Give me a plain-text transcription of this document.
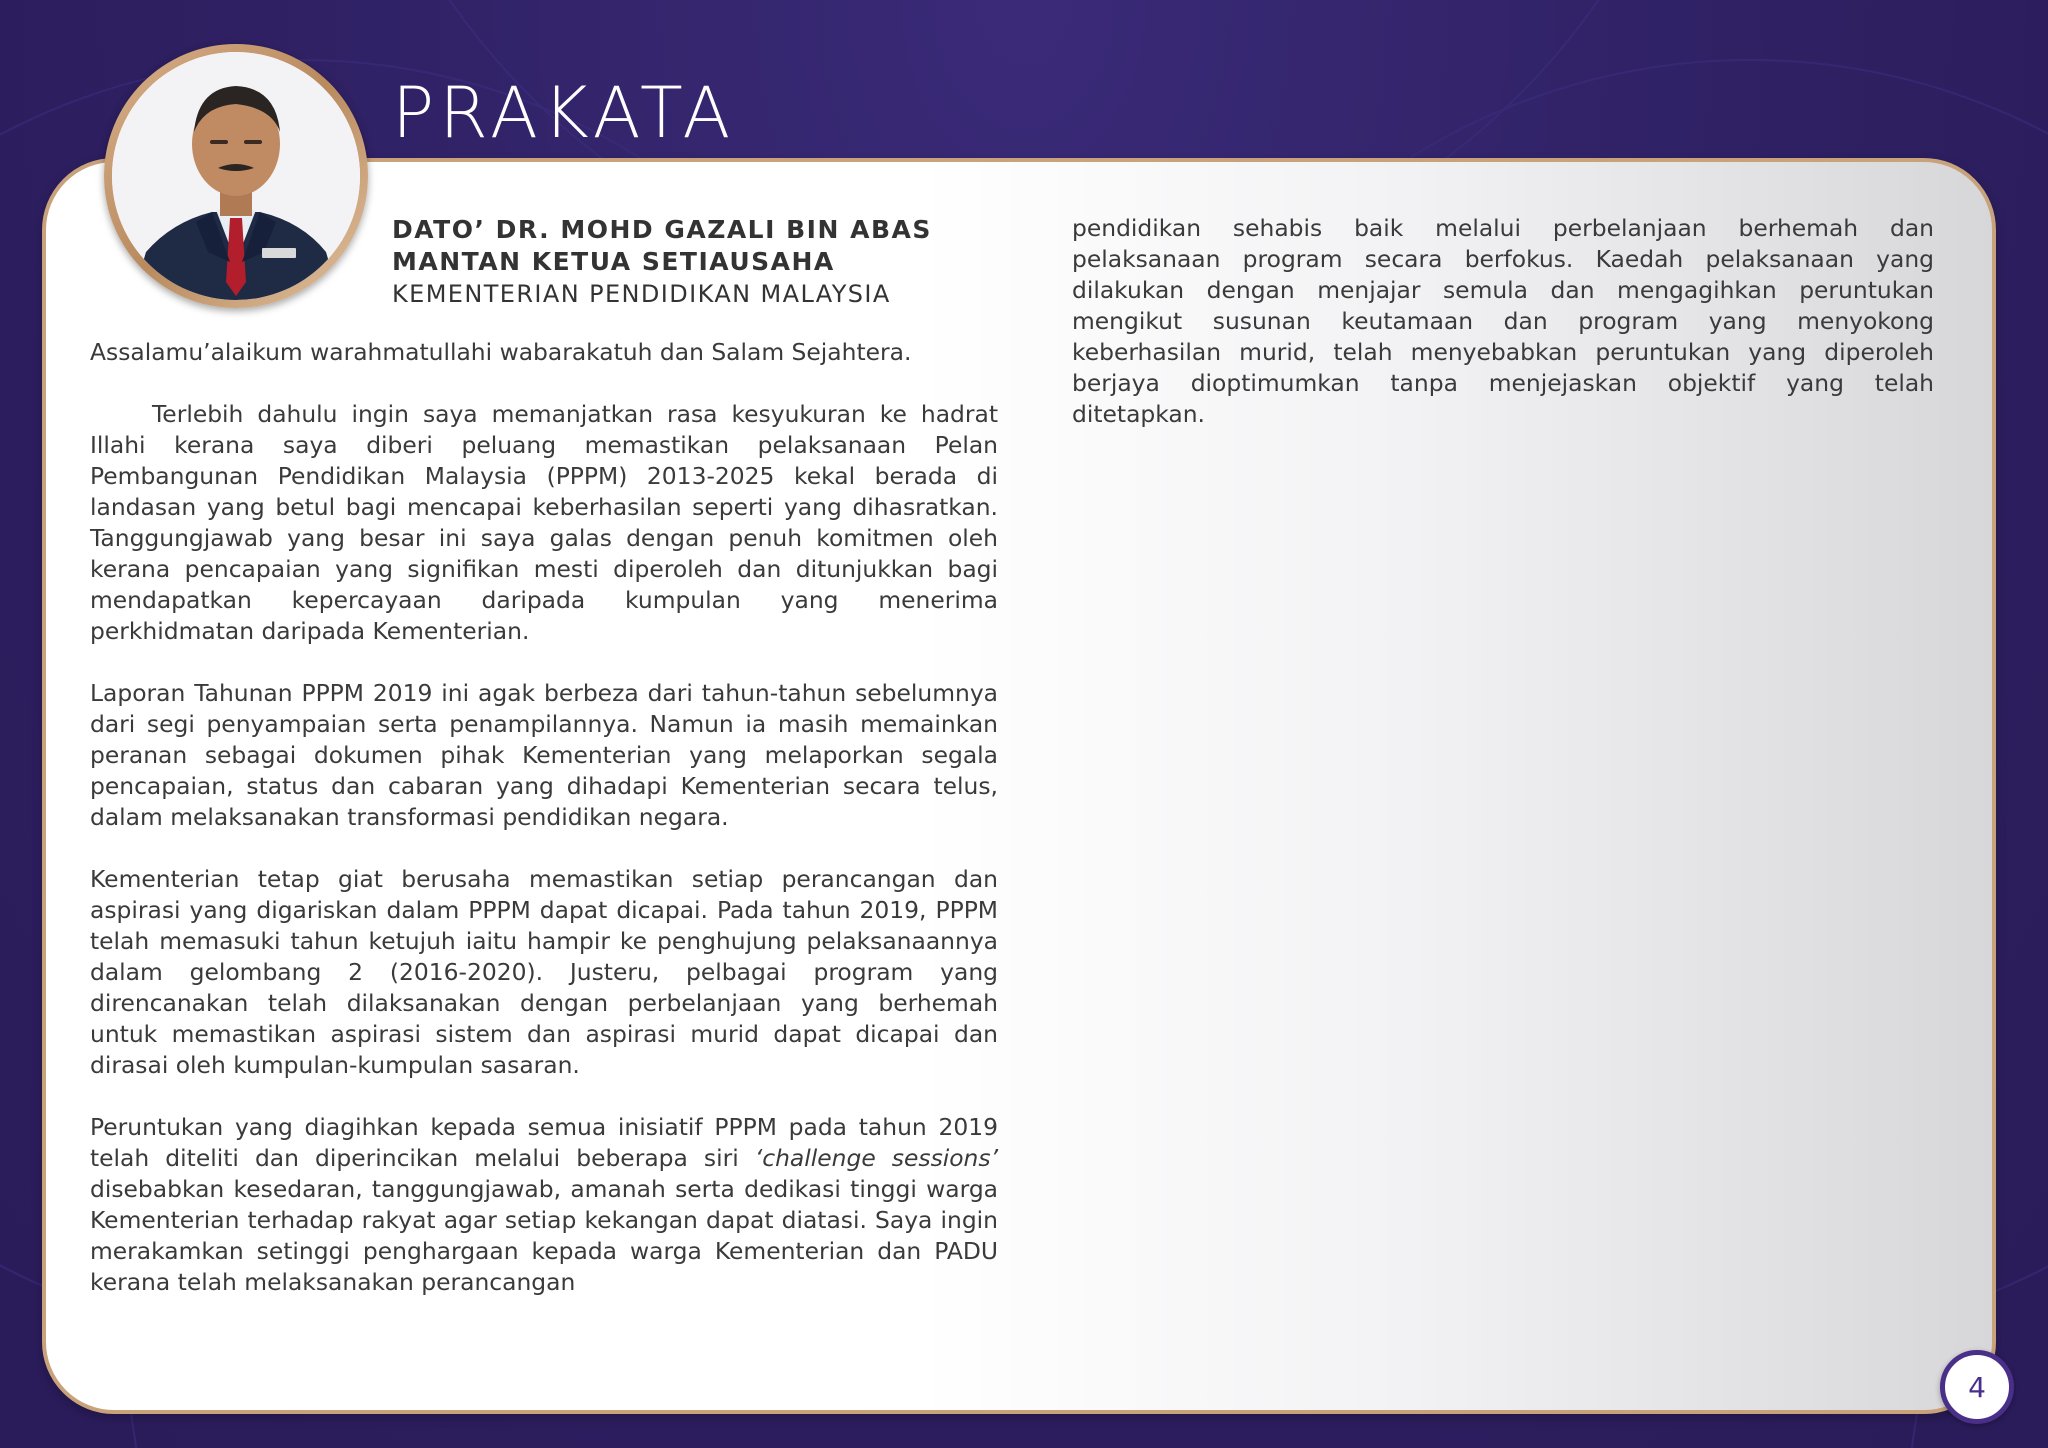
PRAKATA
DATO’ DR. MOHD GAZALI BIN ABAS
MANTAN KETUA SETIAUSAHA
KEMENTERIAN PENDIDIKAN MALAYSIA

Assalamu’alaikum warahmatullahi wabarakatuh dan Salam Sejahtera.

Terlebih dahulu ingin saya memanjatkan rasa kesyukuran ke hadrat Illahi kerana saya diberi peluang memastikan pelaksanaan Pelan Pembangunan Pendidikan Malaysia (PPPM) 2013-2025 kekal berada di landasan yang betul bagi mencapai keberhasilan seperti yang dihasratkan. Tanggungjawab yang besar ini saya galas dengan penuh komitmen oleh kerana pencapaian yang signifikan mesti diperoleh dan ditunjukkan bagi mendapatkan kepercayaan daripada kumpulan yang menerima perkhidmatan daripada Kementerian.

Laporan Tahunan PPPM 2019 ini agak berbeza dari tahun-tahun sebelumnya dari segi penyampaian serta penampilannya. Namun ia masih memainkan peranan sebagai dokumen pihak Kementerian yang melaporkan segala pencapaian, status dan cabaran yang dihadapi Kementerian secara telus, dalam melaksanakan transformasi pendidikan negara.

Kementerian tetap giat berusaha memastikan setiap perancangan dan aspirasi yang digariskan dalam PPPM dapat dicapai. Pada tahun 2019, PPPM telah memasuki tahun ketujuh iaitu hampir ke penghujung pelaksanaannya dalam gelombang 2 (2016-2020). Justeru, pelbagai program yang direncanakan telah dilaksanakan dengan perbelanjaan yang berhemah untuk memastikan aspirasi sistem dan aspirasi murid dapat dicapai dan dirasai oleh kumpulan-kumpulan sasaran.

Peruntukan yang diagihkan kepada semua inisiatif PPPM pada tahun 2019 telah diteliti dan diperincikan melalui beberapa siri ‘challenge sessions’ disebabkan kesedaran, tanggungjawab, amanah serta dedikasi tinggi warga Kementerian terhadap rakyat agar setiap kekangan dapat diatasi. Saya ingin merakamkan setinggi penghargaan kepada warga Kementerian dan PADU kerana telah melaksanakan perancangan

pendidikan sehabis baik melalui perbelanjaan berhemah dan pelaksanaan program secara berfokus. Kaedah pelaksanaan yang dilakukan dengan menjajar semula dan mengagihkan peruntukan mengikut susunan keutamaan dan program yang menyokong keberhasilan murid, telah menyebabkan peruntukan yang diperoleh berjaya dioptimumkan tanpa menjejaskan objektif yang telah ditetapkan.

4
